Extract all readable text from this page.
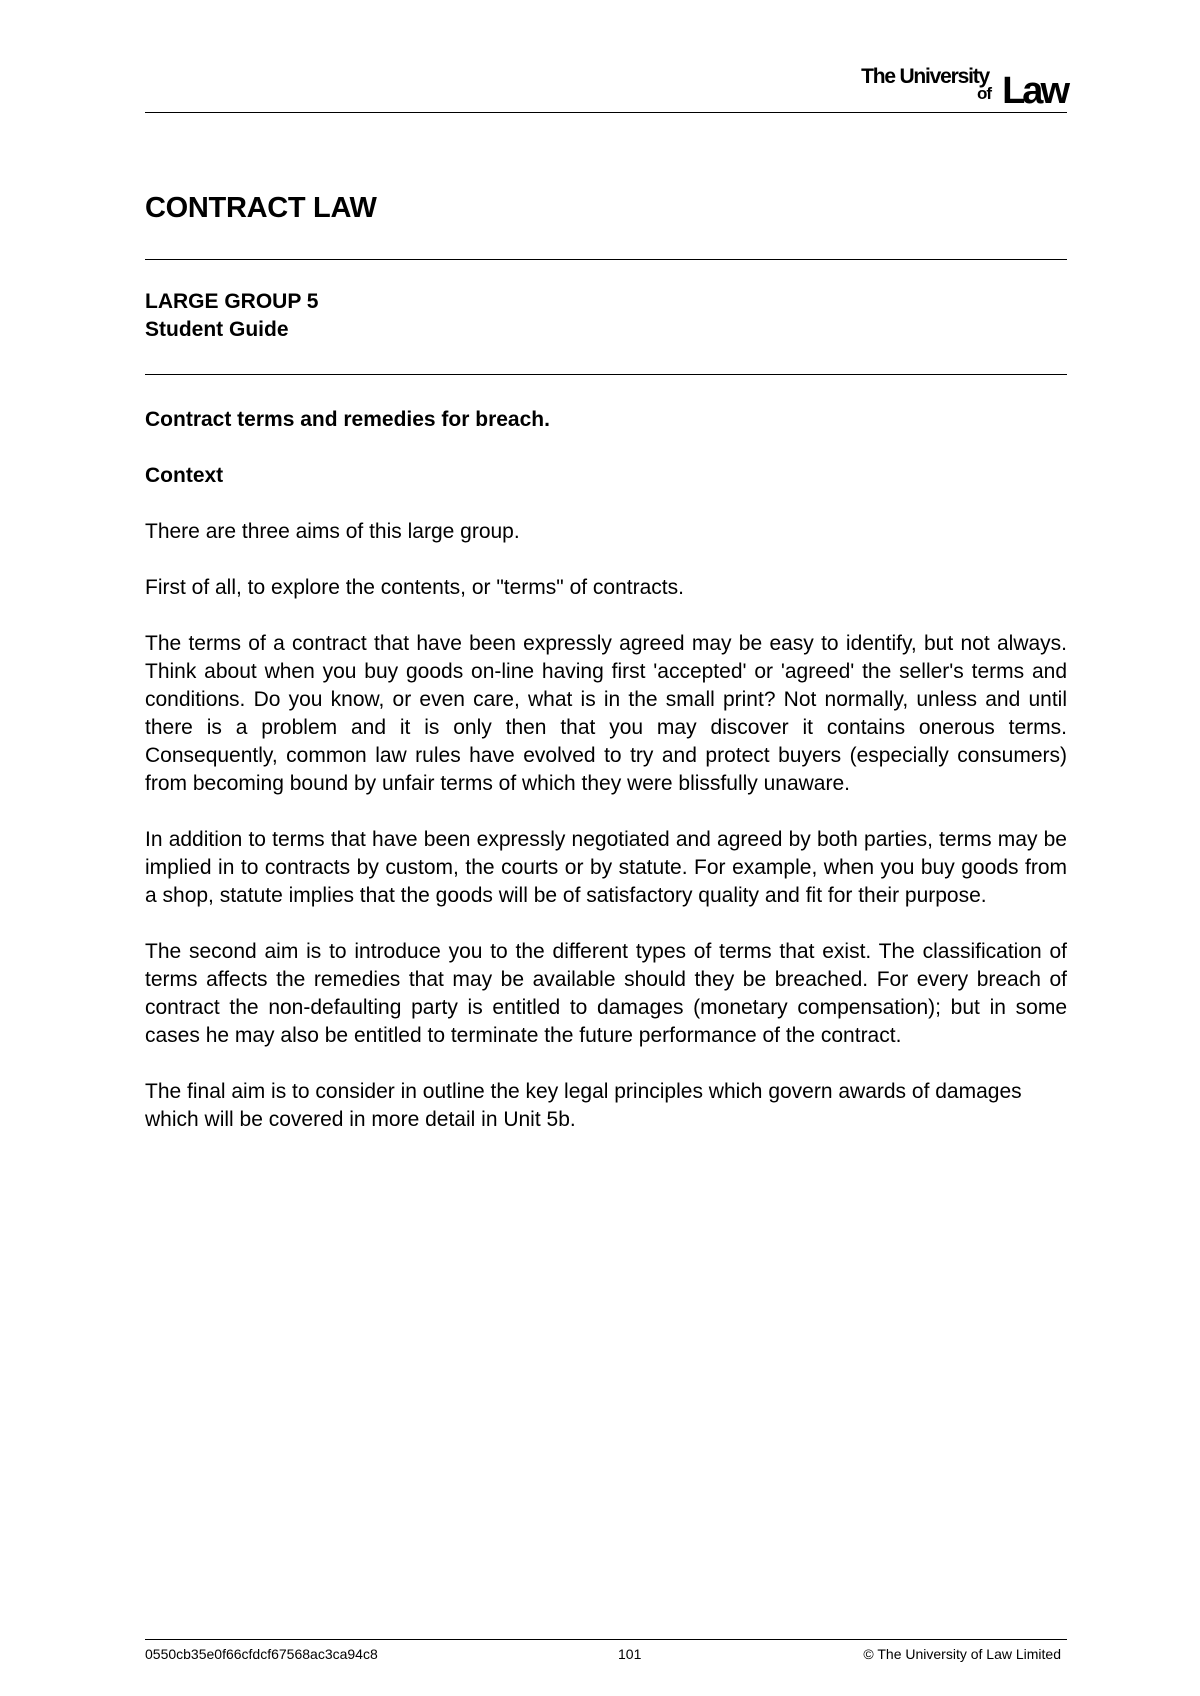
The University
of Law
CONTRACT LAW
LARGE GROUP 5
Student Guide
Contract terms and remedies for breach.
Context

There are three aims of this large group.

First of all, to explore the contents, or "terms" of contracts.

The terms of a contract that have been expressly agreed may be easy to identify, but not always. Think about when you buy goods on-line having first 'accepted' or 'agreed' the seller's terms and conditions. Do you know, or even care, what is in the small print? Not normally, unless and until there is a problem and it is only then that you may discover it contains onerous terms. Consequently, common law rules have evolved to try and protect buyers (especially consumers) from becoming bound by unfair terms of which they were blissfully unaware.

In addition to terms that have been expressly negotiated and agreed by both parties, terms may be implied in to contracts by custom, the courts or by statute. For example, when you buy goods from a shop, statute implies that the goods will be of satisfactory quality and fit for their purpose.

The second aim is to introduce you to the different types of terms that exist. The classification of terms affects the remedies that may be available should they be breached. For every breach of contract the non-defaulting party is entitled to damages (monetary compensation); but in some cases he may also be entitled to terminate the future performance of the contract.

The final aim is to consider in outline the key legal principles which govern awards of damages which will be covered in more detail in Unit 5b.

0550cb35e0f66cfdcf67568ac3ca94c8	101	© The University of Law Limited
